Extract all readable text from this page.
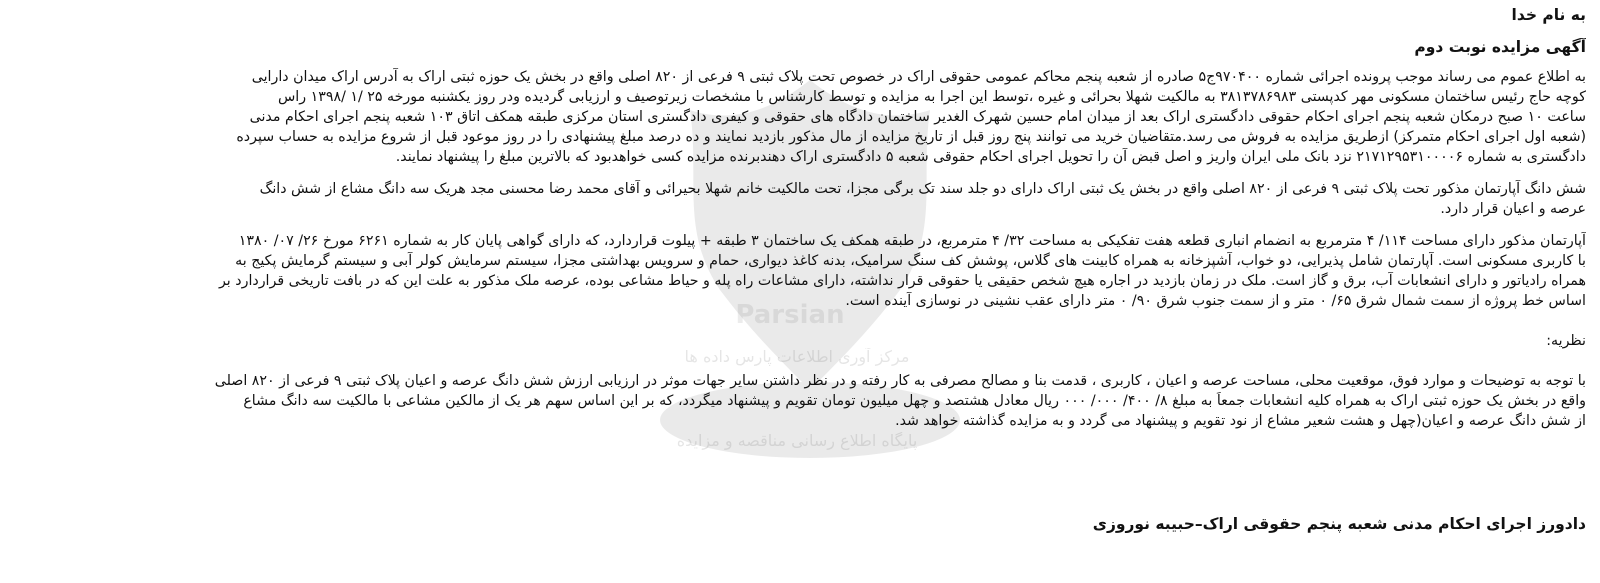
Parsian
به نام خدا
آگهی مزایده نوبت دوم
به اطلاع عموم می رساند موجب پرونده اجرائی شماره ۹۷۰۴۰۰ج۵ صادره از شعبه پنجم محاکم عمومی حقوقی اراک در خصوص تحت پلاک ثبتی ۹ فرعی از ۸۲۰ اصلی واقع در بخش یک حوزه ثبتی اراک به آدرس اراک میدان دارایی
کوچه حاج رئیس ساختمان مسکونی مهر کدپستی ۳۸۱۳۷۸۶۹۸۳ به مالکیت شهلا بحرائی و غیره ،توسط این اجرا به مزایده و توسط کارشناس با مشخصات زیرتوصیف و ارزیابی گردیده ودر روز یکشنبه مورخه ۲۵ /۱ /۱۳۹۸ راس
ساعت ۱۰ صبح درمکان شعبه پنجم اجرای احکام حقوقی دادگستری اراک بعد از میدان امام حسین شهرک الغدیر ساختمان دادگاه های حقوقی و کیفری دادگستری استان مرکزی طبقه همکف اتاق ۱۰۳ شعبه پنجم اجرای احکام مدنی
(شعبه اول اجرای احکام متمرکز) ازطریق مزایده به فروش می رسد.متقاضیان خرید می توانند پنج روز قبل از تاریخ مزایده از مال مذکور بازدید نمایند و ده درصد مبلغ پیشنهادی را در روز موعود قبل از شروع مزایده به حساب سپرده
دادگستری به شماره ۲۱۷۱۲۹۵۳۱۰۰۰۰۶ نزد بانک ملی ایران واریز و اصل قبض آن را تحویل اجرای احکام حقوقی شعبه ۵ دادگستری اراک دهندبرنده مزایده کسی خواهدبود که بالاترین مبلغ را پیشنهاد نمایند.
شش دانگ آپارتمان مذکور تحت پلاک ثبتی ۹ فرعی از ۸۲۰ اصلی واقع در بخش یک ثبتی اراک دارای دو جلد سند تک برگی مجزا، تحت مالکیت خانم شهلا بحیرائی و آقای محمد رضا محسنی مجد هریک سه دانگ مشاع از شش دانگ
عرصه و اعیان قرار دارد.
آپارتمان مذکور دارای مساحت ۱۱۴/ ۴ مترمربع به انضمام انباری قطعه هفت تفکیکی به مساحت ۳۲/ ۴ مترمربع، در طبقه همکف یک ساختمان ۳ طبقه + پیلوت قراردارد، که دارای گواهی پایان کار به شماره ۶۲۶۱ مورخ ۲۶/ ۰۷/ ۱۳۸۰
با کاربری مسکونی است. آپارتمان شامل پذیرایی، دو خواب، آشپزخانه به همراه کابینت های گلاس، پوشش کف سنگ سرامیک، بدنه کاغذ دیواری، حمام و سرویس بهداشتی مجزا، سیستم سرمایش کولر آبی و سیستم گرمایش پکیج به
همراه رادیاتور و دارای انشعابات آب، برق و گاز است. ملک در زمان بازدید در اجاره هیچ شخص حقیقی یا حقوقی قرار نداشته، دارای مشاعات راه پله و حیاط مشاعی بوده، عرصه ملک مذکور به علت این که در بافت تاریخی قراردارد بر
اساس خط پروژه از سمت شمال شرق ۶۵/ ۰ متر و از سمت جنوب شرق ۹۰/ ۰ متر دارای عقب نشینی در نوسازی آینده است.
نظریه:
با توجه به توضیحات و موارد فوق، موقعیت محلی، مساحت عرصه و اعیان ، کاربری ، قدمت بنا و مصالح مصرفی به کار رفته و در نظر داشتن سایر جهات موثر در ارزیابی ارزش شش دانگ عرصه و اعیان پلاک ثبتی ۹ فرعی از ۸۲۰ اصلی
واقع در بخش یک حوزه ثبتی اراک به همراه کلیه انشعابات جمعاً به مبلغ ۸/ ۴۰۰/ ۰۰۰/ ۰۰۰ ریال معادل هشتصد و چهل میلیون تومان تقویم و پیشنهاد میگردد، که بر این اساس سهم هر یک از مالکین مشاعی با مالکیت سه دانگ مشاع
از شش دانگ عرصه و اعیان(چهل و هشت شعیر مشاع از نود تقویم و پیشنهاد می گردد و به مزایده گذاشته خواهد شد.
دادورز اجرای احکام مدنی شعبه پنجم حقوقی اراک–حبیبه نوروزی
مرکز آوری اطلاعات پارس داده ها
پایگاه اطلاع رسانی مناقصه و مزایده
